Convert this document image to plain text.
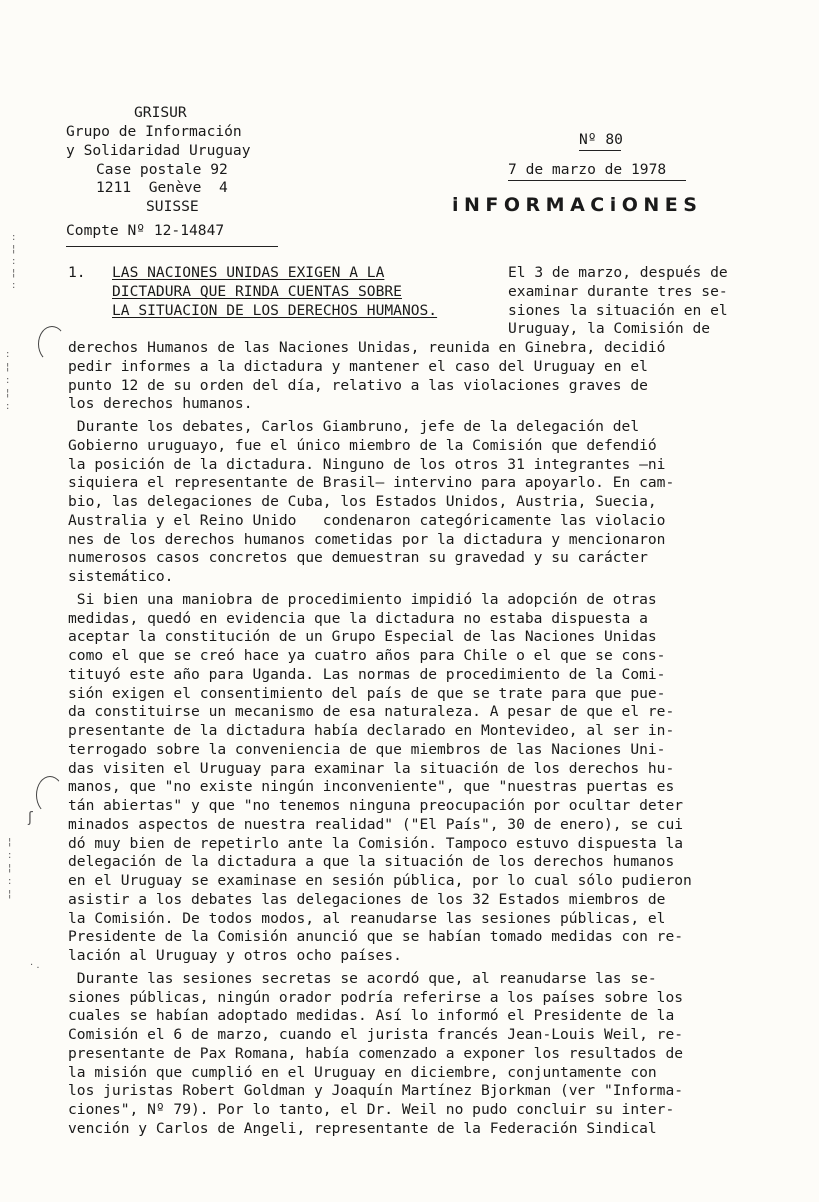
GRISUR
Grupo de Información
y Solidaridad Uruguay
Case postale 92
1211  Genève  4
SUISSE
Compte Nº 12-14847
Nº 80
7 de marzo de 1978
iNFORMACiONES
1. LAS NACIONES UNIDAS EXIGEN A LA
DICTADURA QUE RINDA CUENTAS SOBRE
LA SITUACION DE LOS DERECHOS HUMANOS.
El 3 de marzo, después de
examinar durante tres se-
siones la situación en el
Uruguay, la Comisión de
derechos Humanos de las Naciones Unidas, reunida en Ginebra, decidió
pedir informes a la dictadura y mantener el caso del Uruguay en el
punto 12 de su orden del día, relativo a las violaciones graves de
los derechos humanos.
Durante los debates, Carlos Giambruno, jefe de la delegación del
Gobierno uruguayo, fue el único miembro de la Comisión que defendió
la posición de la dictadura. Ninguno de los otros 31 integrantes —ni
siquiera el representante de Brasil— intervino para apoyarlo. En cam-
bio, las delegaciones de Cuba, los Estados Unidos, Austria, Suecia,
Australia y el Reino Unido   condenaron categóricamente las violacio
nes de los derechos humanos cometidas por la dictadura y mencionaron
numerosos casos concretos que demuestran su gravedad y su carácter
sistemático.
Si bien una maniobra de procedimiento impidió la adopción de otras
medidas, quedó en evidencia que la dictadura no estaba dispuesta a
aceptar la constitución de un Grupo Especial de las Naciones Unidas
como el que se creó hace ya cuatro años para Chile o el que se cons-
tituyó este año para Uganda. Las normas de procedimiento de la Comi-
sión exigen el consentimiento del país de que se trate para que pue-
da constituirse un mecanismo de esa naturaleza. A pesar de que el re-
presentante de la dictadura había declarado en Montevideo, al ser in-
terrogado sobre la conveniencia de que miembros de las Naciones Uni-
das visiten el Uruguay para examinar la situación de los derechos hu-
manos, que "no existe ningún inconveniente", que "nuestras puertas es
tán abiertas" y que "no tenemos ninguna preocupación por ocultar deter
minados aspectos de nuestra realidad" ("El País", 30 de enero), se cui
dó muy bien de repetirlo ante la Comisión. Tampoco estuvo dispuesta la
delegación de la dictadura a que la situación de los derechos humanos
en el Uruguay se examinase en sesión pública, por lo cual sólo pudieron
asistir a los debates las delegaciones de los 32 Estados miembros de
la Comisión. De todos modos, al reanudarse las sesiones públicas, el
Presidente de la Comisión anunció que se habían tomado medidas con re-
lación al Uruguay y otros ocho países.
Durante las sesiones secretas se acordó que, al reanudarse las se-
siones públicas, ningún orador podría referirse a los países sobre los
cuales se habían adoptado medidas. Así lo informó el Presidente de la
Comisión el 6 de marzo, cuando el jurista francés Jean-Louis Weil, re-
presentante de Pax Romana, había comenzado a exponer los resultados de
la misión que cumplió en el Uruguay en diciembre, conjuntamente con
los juristas Robert Goldman y Joaquín Martínez Bjorkman (ver "Informa-
ciones", Nº 79). Por lo tanto, el Dr. Weil no pudo concluir su inter-
vención y Carlos de Angeli, representante de la Federación Sindical
ʃ
:
¦
:
¦
:
:
¦
:
¦
:
¦
:
¦
:
¦
· .
